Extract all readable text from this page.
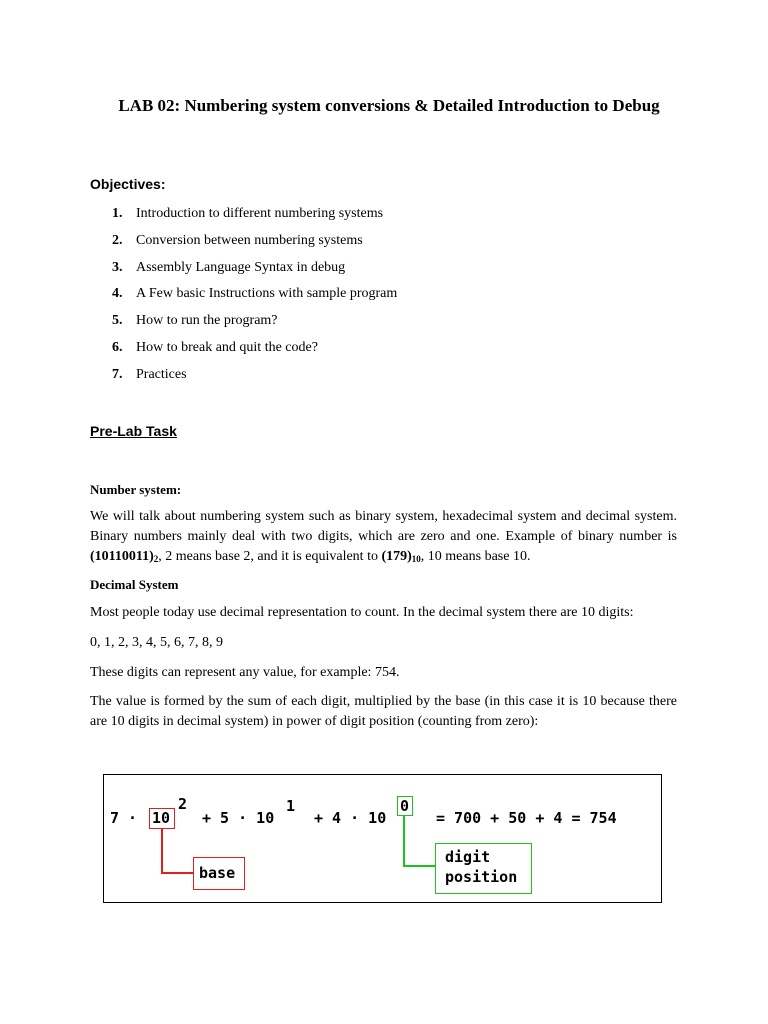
LAB 02: Numbering system conversions & Detailed Introduction to Debug
Objectives:
1. Introduction to different numbering systems
2. Conversion between numbering systems
3. Assembly Language Syntax in debug
4. A Few basic Instructions with sample program
5. How to run the program?
6. How to break and quit the code?
7. Practices
Pre-Lab Task

Number system:

We will talk about numbering system such as binary system, hexadecimal system and decimal system. Binary numbers mainly deal with two digits, which are zero and one. Example of binary number is $(10110011)_2$, 2 means base 2, and it is equivalent to $(179)_{10}$, 10 means base 10.

Decimal System

Most people today use decimal representation to count. In the decimal system there are 10 digits:

0, 1, 2, 3, 4, 5, 6, 7, 8, 9

These digits can represent any value, for example: 754.

The value is formed by the sum of each digit, multiplied by the base (in this case it is 10 because there are 10 digits in decimal system) in power of digit position (counting from zero):

7 · 10
2
+ 5 · 10
1
+ 4 · 10
0
= 700 + 50 + 4 = 754
base
digit
position
